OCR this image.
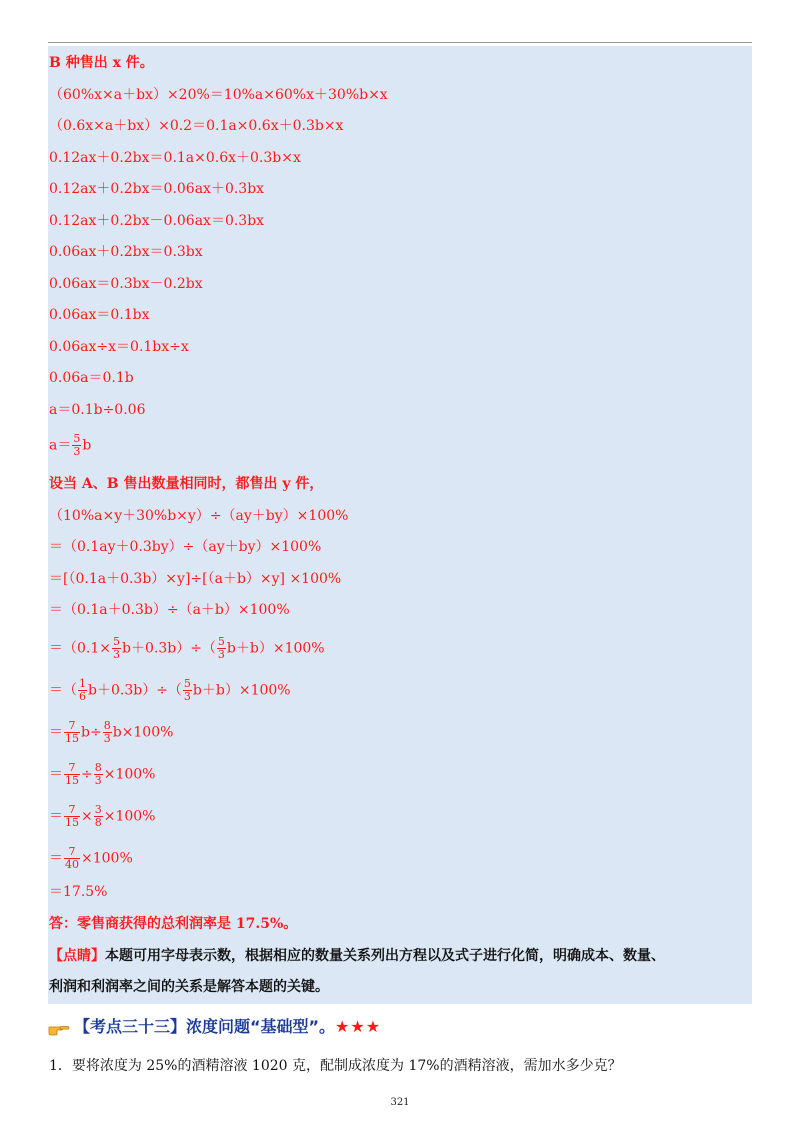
B 种售出 x 件。
（60%x×a＋bx）×20%＝10%a×60%x＋30%b×x
（0.6x×a＋bx）×0.2＝0.1a×0.6x＋0.3b×x
0.12ax＋0.2bx＝0.1a×0.6x＋0.3b×x
0.12ax＋0.2bx＝0.06ax＋0.3bx
0.12ax＋0.2bx－0.06ax＝0.3bx
0.06ax＋0.2bx＝0.3bx
0.06ax＝0.3bx－0.2bx
0.06ax＝0.1bx
0.06ax÷x＝0.1bx÷x
0.06a＝0.1b
a＝0.1b÷0.06
$a= \frac{5}{3}$ b
设当 A、B 售出数量相同时，都售出 y 件，
（10%a×y＋30%b×y）÷（ay＋by）×100%
＝（0.1ay＋0.3by）÷（ay＋by）×100%
＝[（0.1a＋0.3b）×y]÷[（a＋b）×y] ×100%
＝（0.1a＋0.3b）÷（a＋b）×100%
$=(0.1\times \frac{5}{3} b+0.3b)\div( \frac{5}{3} b+b)\times 100\%$
＝（ $\frac{1}{6} b+0.3b)\div( \frac{5}{3} b+b)\times 100\%$
＝ $\frac{7}{15} b\div \frac{8}{3} b\times 100\%$
＝ $\frac{7}{15} \div \frac{8}{3} \times 100\%$
＝ $\frac{7}{15} \times \frac{3}{8} \times 100\%$
＝ $\frac{7}{40} \times 100\%$
＝17.5%
答：零售商获得的总利润率是 17.5%。
【点睛】本题可用字母表示数，根据相应的数量关系列出方程以及式子进行化简，明确成本、数量、
利润和利润率之间的关系是解答本题的关键。
【考点三十三】浓度问题“基础型”。★★★
1．要将浓度为 25%的酒精溶液 1020 克，配制成浓度为 17%的酒精溶液，需加水多少克？
321
